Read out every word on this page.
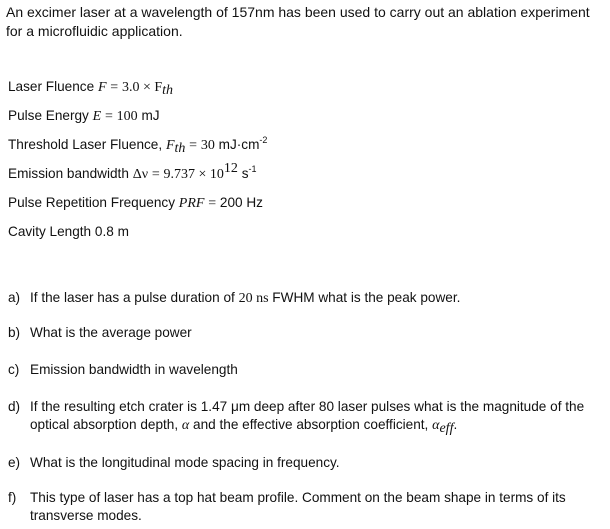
An excimer laser at a wavelength of 157nm has been used to carry out an ablation experiment for a microfluidic application.
Laser Fluence $F = 3.0 \times F_{th}$
Pulse Energy E = 100 mJ
Threshold Laser Fluence, $F_{th} = 30$ $mJ\cdot cm^{-2}$
Emission bandwidth $\Delta\nu = 9.737 \times 10^{12}$ $s^{-1}$
Pulse Repetition Frequency PRF = 200 Hz
Cavity Length 0.8 m
a) If the laser has a pulse duration of 20 ns FWHM what is the peak power.
b) What is the average power
c) Emission bandwidth in wavelength
d) If the resulting etch crater is 1.47 μm deep after 80 laser pulses what is the magnitude of the optical absorption depth, α and the effective absorption coefficient, $\alpha_{eff}$.
e) What is the longitudinal mode spacing in frequency.
f) This type of laser has a top hat beam profile. Comment on the beam shape in terms of its transverse modes.
